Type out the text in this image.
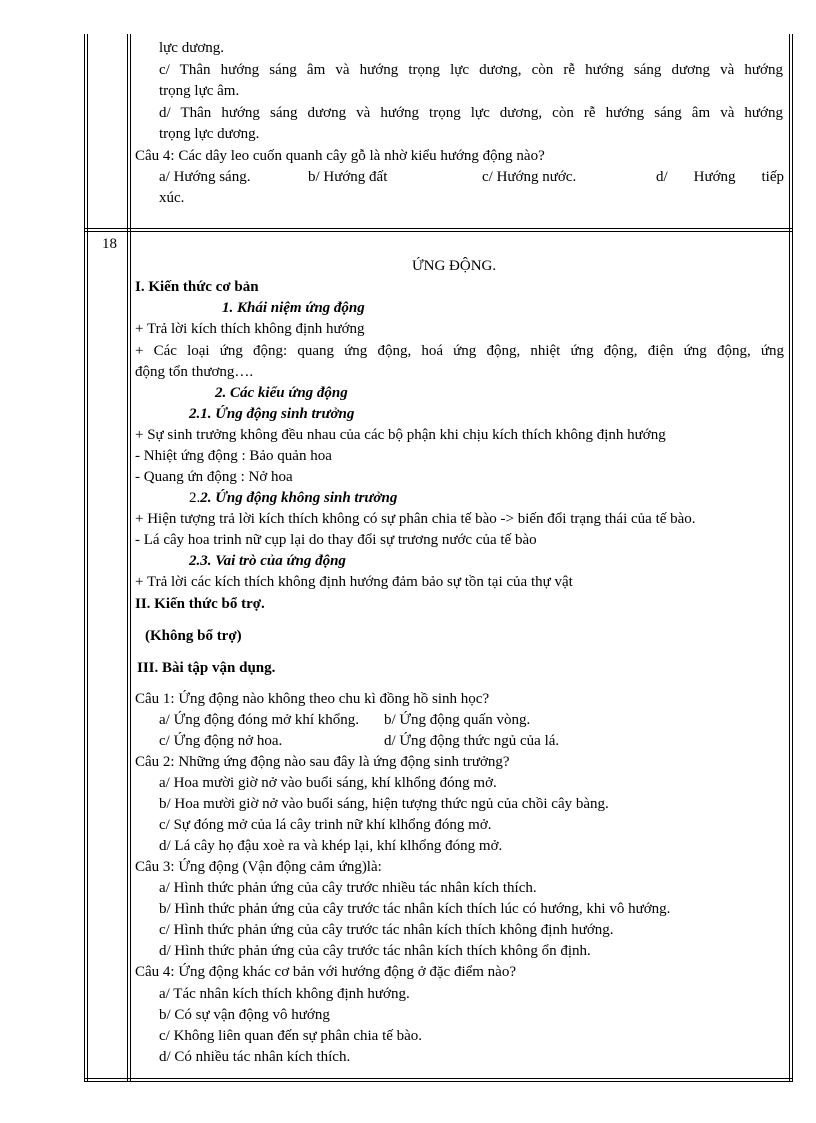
lực dương.
c/ Thân hướng sáng âm và hướng trọng lực dương, còn rễ hướng sáng dương và hướng
trọng lực âm.
d/ Thân hướng sáng dương và hướng trọng lực dương, còn rễ hướng sáng âm và hướng
trọng lực dương.
Câu 4: Các dây leo cuốn quanh cây gỗ là nhờ kiểu hướng động nào?
a/ Hướng sáng.	b/ Hướng đất	c/ Hướng nước.	d/ Hướng tiếp
xúc.
18
ỨNG ĐỘNG.
I. Kiến thức cơ bản
1. Khái niệm ứng động
+ Trả lời kích thích không định hướng
+ Các loại ứng động: quang ứng động, hoá ứng động, nhiệt ứng động, điện ứng động, ứng
động tổn thương….
2. Các kiểu ứng động
2.1. Ứng động sinh trưởng
+ Sự sinh trưởng không đều nhau của các bộ phận khi chịu kích thích không định hướng
- Nhiệt ứng động : Bảo quản hoa
- Quang ứn động : Nở hoa
2.2. Ứng động không sinh trưởng
+ Hiện tượng trả lời kích thích không có sự phân chia tế bào -> biến đổi trạng thái của tế bào.
- Lá cây hoa trinh nữ cụp lại do thay đổi sự trương nước của tế bào
2.3. Vai trò của ứng động
+ Trả lời các kích thích không định hướng đảm bảo sự tồn tại của thự vật
II. Kiến thức bổ trợ.
(Không bổ trợ)
III. Bài tập vận dụng.
Câu 1: Ứng động nào không theo chu kì đồng hồ sinh học?
a/ Ứng động đóng mở khí khổng. b/ Ứng động quấn vòng.
c/ Ứng động nở hoa.	d/ Ứng động thức ngủ của lá.
Câu 2: Những ứng động nào sau đây là ứng động sinh trưởng?
a/ Hoa mười giờ nở vào buổi sáng, khí klhổng đóng mở.
b/ Hoa mười giờ nở vào buổi sáng, hiện tượng thức ngủ của chồi cây bàng.
c/ Sự đóng mở của lá cây trinh nữ khí klhổng đóng mở.
d/ Lá cây họ đậu xoè ra và khép lại, khí klhổng đóng mở.
Câu 3: Ứng động (Vận động cảm ứng)là:
a/ Hình thức phản ứng của cây trước nhiều tác nhân kích thích.
b/ Hình thức phản ứng của cây trước tác nhân kích thích lúc có hướng, khi vô hướng.
c/ Hình thức phản ứng của cây trước tác nhân kích thích không định hướng.
d/ Hình thức phản ứng của cây trước tác nhân kích thích không ổn định.
Câu 4: Ứng động khác cơ bản với hướng động ở đặc điểm nào?
a/ Tác nhân kích thích không định hướng.
b/ Có sự vận động vô hướng
c/ Không liên quan đến sự phân chia tế bào.
d/ Có nhiều tác nhân kích thích.
